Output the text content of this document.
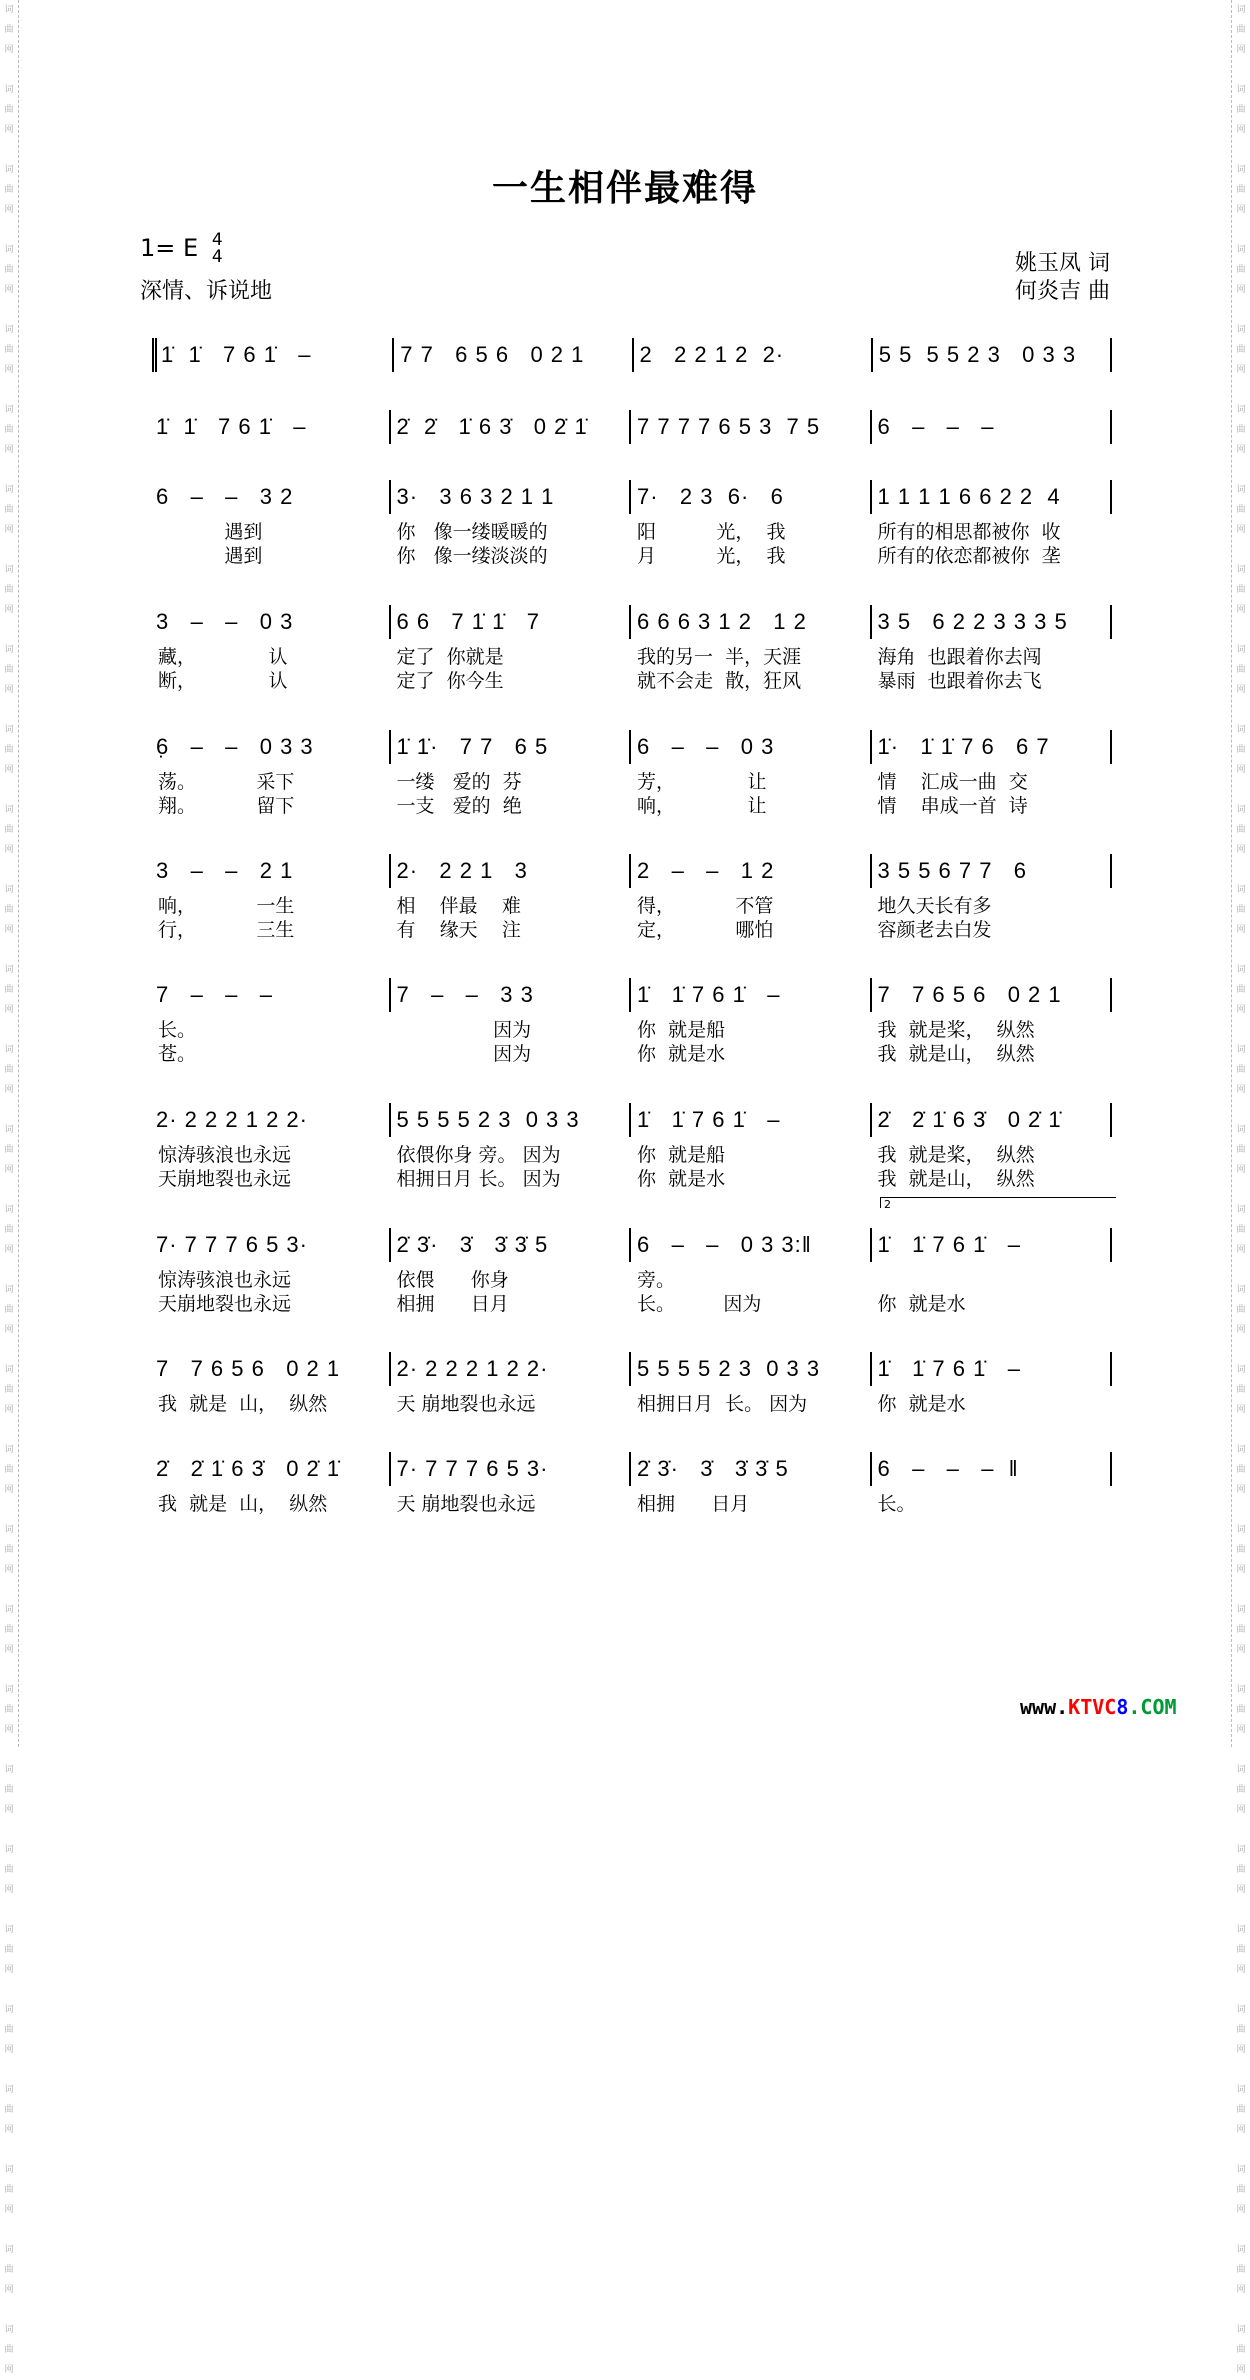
词
曲
网

词
曲
网

词
曲
网

词
曲
网

词
曲
网

词
曲
网

词
曲
网

词
曲
网

词
曲
网

词
曲
网

词
曲
网

词
曲
网

词
曲
网

词
曲
网

词
曲
网

词
曲
网

词
曲
网

词
曲
网

词
曲
网

词
曲
网

词
曲
网

词
曲
网

词
曲
网

词
曲
网

词
曲
网

词
曲
网

词
曲
网

词
曲
网

词
曲
网

词
曲
网

词
曲
网

词
曲
网

词
曲
网

词
曲
网

词
曲
网

词
曲
网

词
曲
网

词
曲
网

词
曲
网

词
曲
网

词
曲
网

词
曲
网

词
曲
网

词
曲
网

词
曲
网

词
曲
网

词
曲
网

词
曲
网

词
曲
网

词
曲
网

词
曲
网

词
曲
网

词
曲
网

词
曲
网

词
曲
网

词
曲
网

词
曲
网

词
曲
网

词
曲
网

词
曲
网

一生相伴最难得
1= E 4
4
深情、诉说地
姚玉凤 词
何炎吉 曲
1̇  1̇   7 6 1̇   –	7 7   6 5 6   0 2 1	2   2 2 1 2  2·	5 5  5 5 2 3   0 3 3
1̇  1̇   7 6 1̇   –	2̇  2̇   1̇ 6 3̇   0 2̇ 1̇	7 7 7 7 6 5 3  7 5	6   –   –   –
6   –   –   3 2
遇到
遇到
3·   3 6 3 2 1 1
你   像一缕暖暖的
你   像一缕淡淡的
7·   2 3  6·   6
阳          光，  我
月          光，  我
1 1 1 1 6 6 2 2  4
所有的相思都被你  收
所有的依恋都被你  垄
3   –   –   0 3
藏，            认
断，            认
6 6   7 1̇ 1̇   7
定了  你就是
定了  你今生
6 6 6 3 1 2   1 2
我的另一  半，天涯
就不会走  散，狂风
3 5   6 2 2 3 3 3 5
海角  也跟着你去闯
暴雨  也跟着你去飞
6̣   –   –   0 3 3
荡。          采下
翔。          留下
1̇ 1̇·   7 7   6 5
一缕   爱的  芬
一支   爱的  绝
6   –   –   0 3
芳，            让
响，            让
1̇·   1̇ 1̇ 7 6   6 7
情    汇成一曲  交
情    串成一首  诗
3   –   –   2 1
响，          一生
行，          三生
2·   2 2 1   3
相    伴最    难
有    缘天    注
2   –   –   1 2
得，          不管
定，          哪怕
3 5 5 6 7 7   6
地久天长有多
容颜老去白发
7   –   –   –
长。
苍。
7   –   –   3 3
因为
因为
1̇   1̇ 7 6 1̇   –
你  就是船
你  就是水
7   7 6 5 6   0 2 1
我  就是桨，  纵然
我  就是山，  纵然
2· 2 2 2 1 2 2·
惊涛骇浪也永远
天崩地裂也永远
5 5 5 5 2 3  0 3 3
依偎你身 旁。 因为
相拥日月 长。 因为
1̇   1̇ 7 6 1̇   –
你  就是船
你  就是水
2̇   2̇ 1̇ 6 3̇   0 2̇ 1̇
我  就是桨，  纵然
我  就是山，  纵然
7· 7 7 7 6 5 3·
惊涛骇浪也永远
天崩地裂也永远
2̇ 3̇·   3̇   3̇ 3̇ 5
依偎      你身
相拥      日月
6   –   –   0 3 3:‖
旁。
长。        因为
1̇   1̇ 7 6 1̇   –
你  就是水
7   7 6 5 6   0 2 1
我  就是  山，  纵然
2· 2 2 2 1 2 2·
天 崩地裂也永远
5 5 5 5 2 3  0 3 3
相拥日月  长。 因为
1̇   1̇ 7 6 1̇   –
你  就是水
2̇   2̇ 1̇ 6 3̇   0 2̇ 1̇
我  就是  山，  纵然
7· 7 7 7 6 5 3·
天 崩地裂也永远
2̇ 3̇·   3̇   3̇ 3̇ 5
相拥      日月
6   –   –   –  ‖
长。
2
www.KTVC8.COM
